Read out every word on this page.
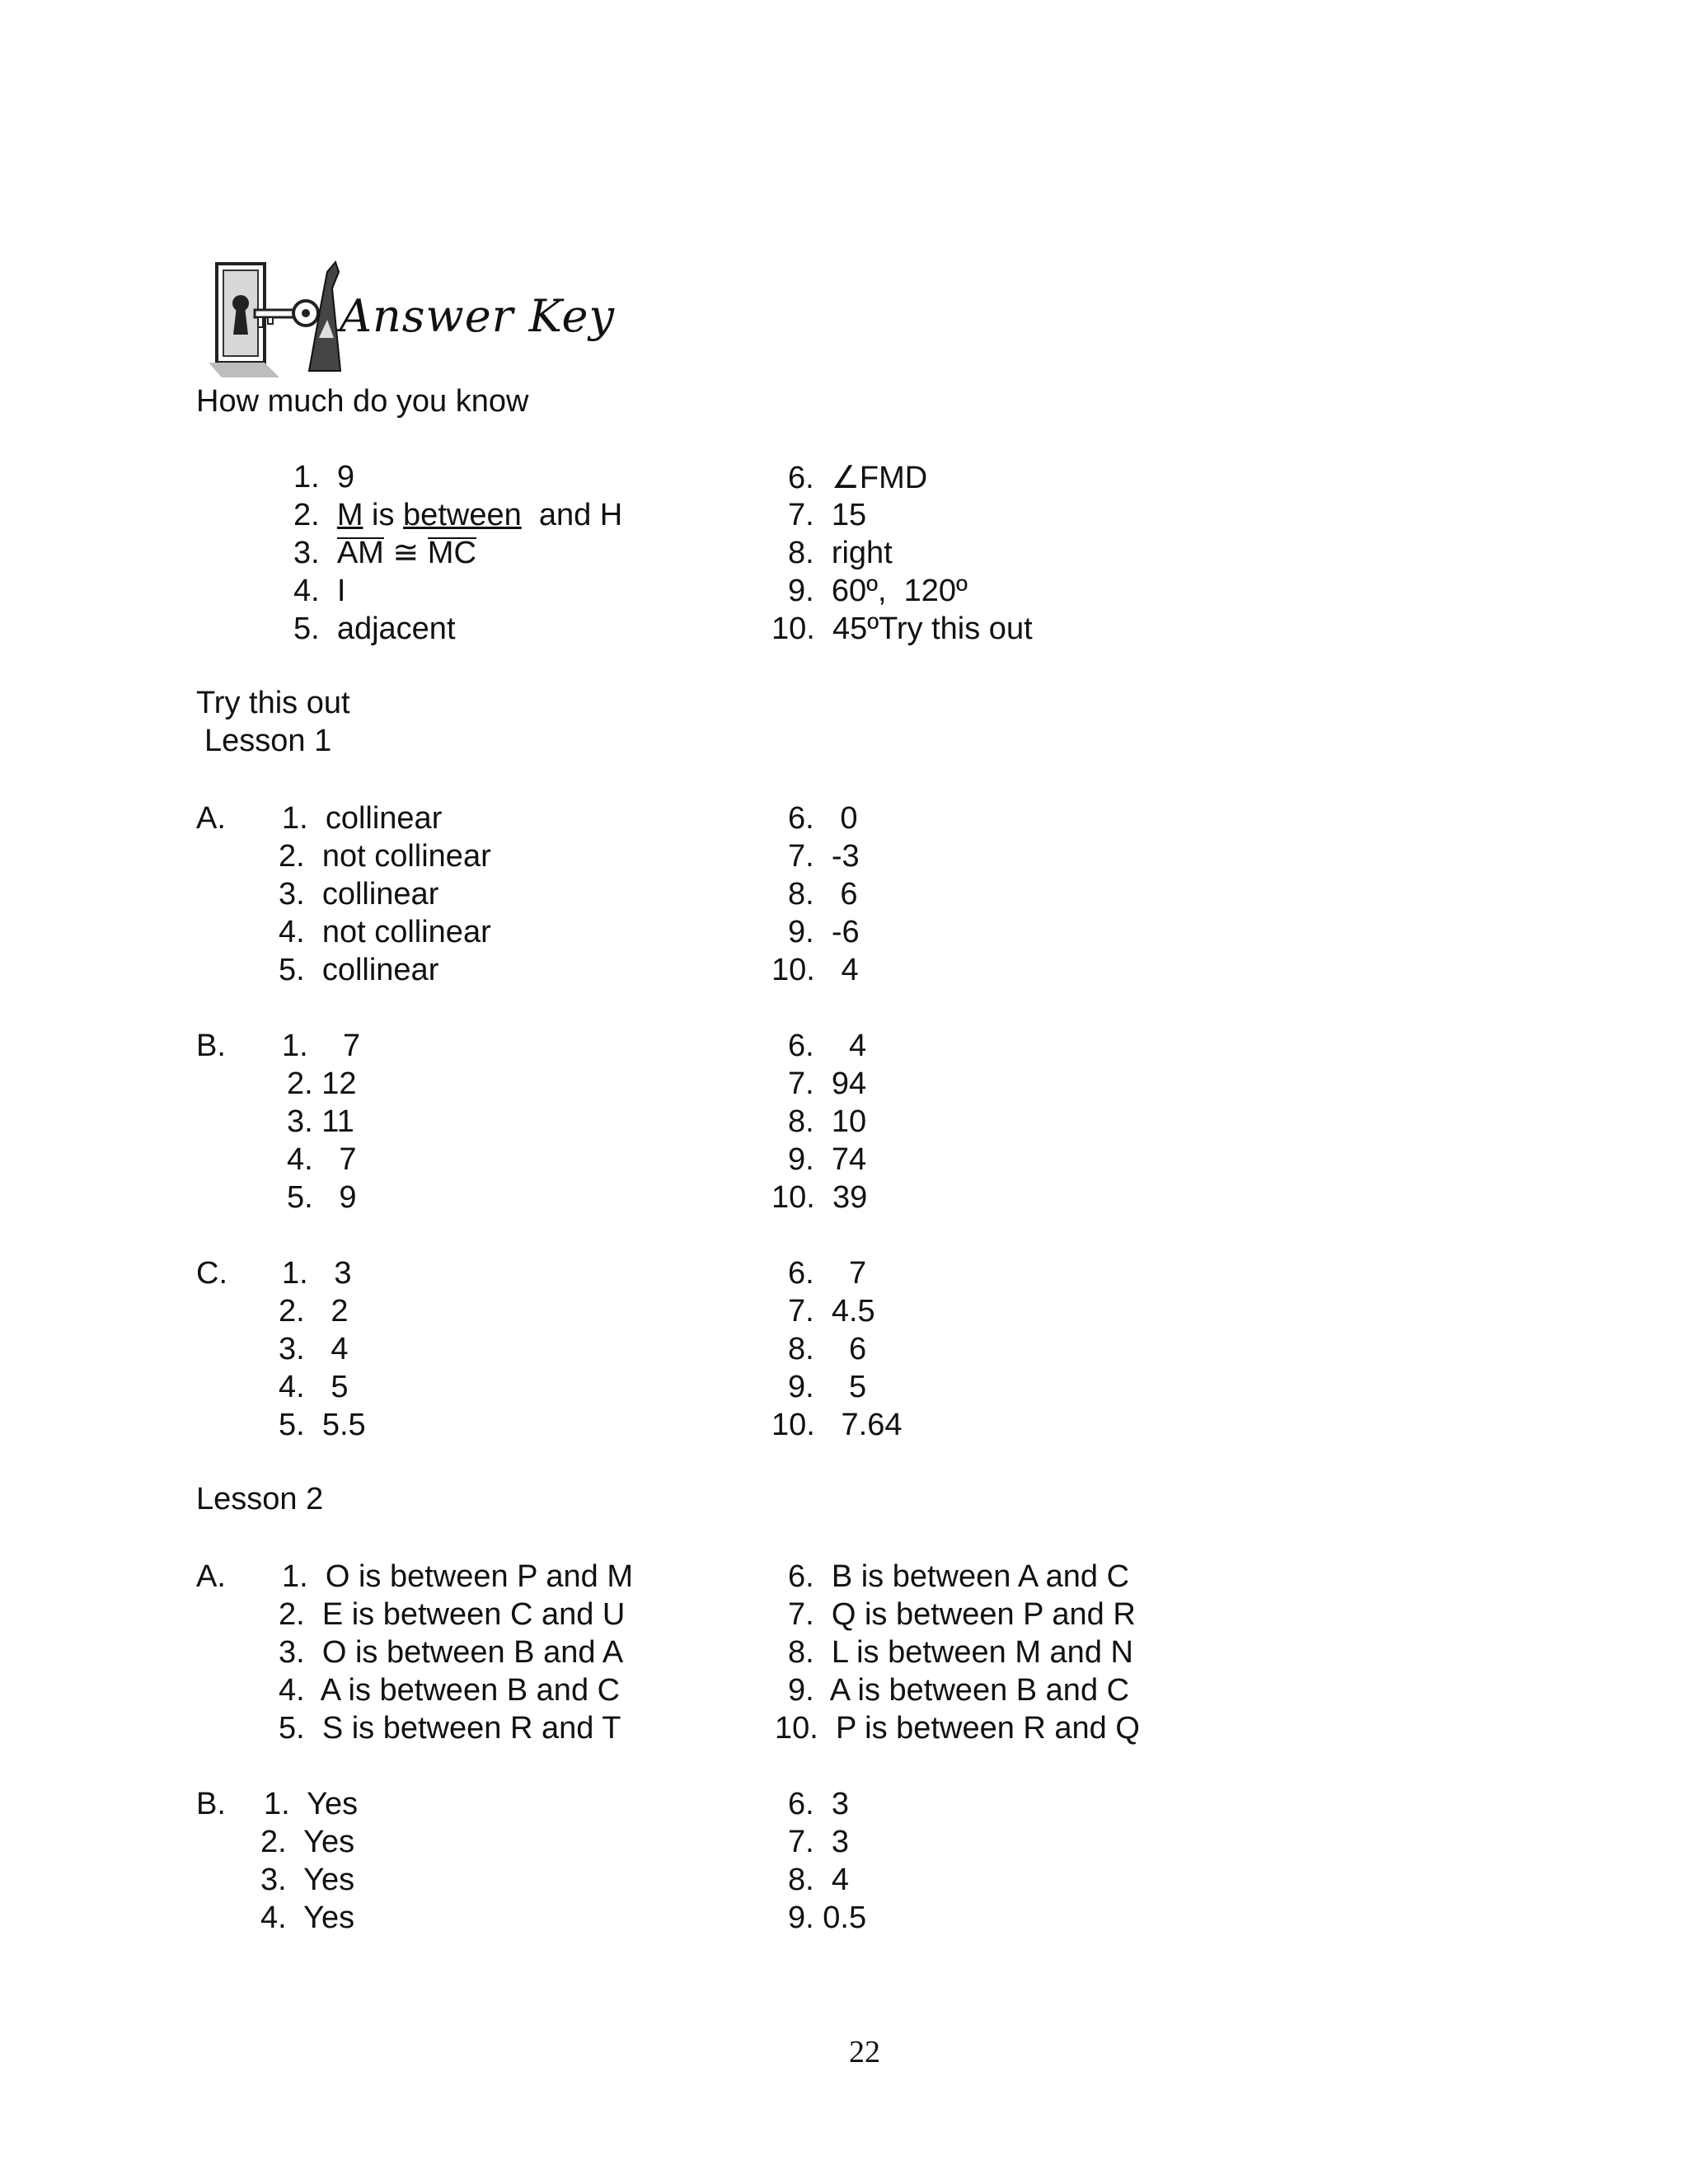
Answer Key
How much do you know
1. 9
2. M is between  and H
3. AM ≅
MC
4. I
5. adjacent
6. ∠FMD
7. 15
8. right
9. 60º,  120º
10. 45ºTry this out
Try this out
Lesson 1
A. 1. collinear
2. not collinear
3. collinear
4. not collinear
5. collinear
6. 0
7. -3
8. 6
9. -6
10. 4
B. 1. 7
2. 12
3. 11
4. 7
5. 9
6. 4
7. 94
8. 10
9. 74
10. 39
C. 1. 3
2. 2
3. 4
4. 5
5. 5.5
6. 7
7. 4.5
8. 6
9. 5
10. 7.64
Lesson 2
A. 1. O is between P and M
2. E is between C and U
3. O is between B and A
4. A is between B and C
5. S is between R and T
6. B is between A and C
7. Q is between P and R
8. L is between M and N
9. A is between B and C
10. P is between R and Q
B. 1. Yes
2. Yes
3. Yes
4. Yes
6. 3
7. 3
8. 4
9. 0.5
22
